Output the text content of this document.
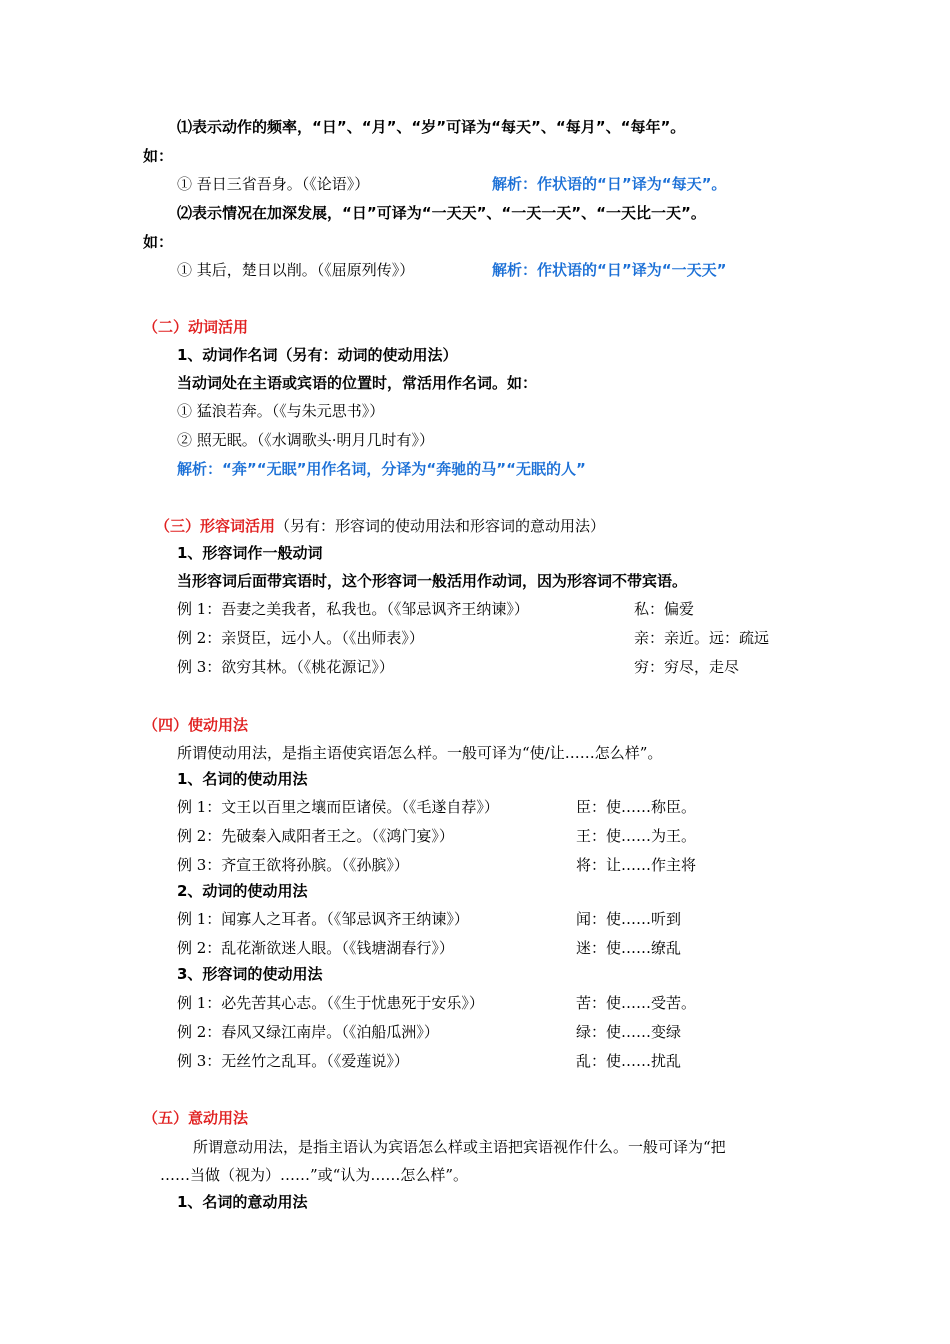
⑴表示动作的频率，“日”、“月”、“岁”可译为“每天”、“每月”、“每年”。
如：
① 吾日三省吾身。（《论语》）	解析：作状语的“日”译为“每天”。
⑵表示情况在加深发展，“日”可译为“一天天”、“一天一天”、“一天比一天”。
如：
① 其后，楚日以削。（《屈原列传》）	解析：作状语的“日”译为“一天天”
（二）动词活用
1、动词作名词（另有：动词的使动用法）
当动词处在主语或宾语的位置时，常活用作名词。如：
① 猛浪若奔。（《与朱元思书》）
② 照无眠。（《水调歌头·明月几时有》）
解析：“奔”“无眠”用作名词，分译为“奔驰的马”“无眠的人”
（三）形容词活用（另有：形容词的使动用法和形容词的意动用法）
1、形容词作一般动词
当形容词后面带宾语时，这个形容词一般活用作动词，因为形容词不带宾语。
例 1：吾妻之美我者，私我也。（《邹忌讽齐王纳谏》）	私：偏爱
例 2：亲贤臣，远小人。（《出师表》）	亲：亲近。远：疏远
例 3：欲穷其林。（《桃花源记》）	穷：穷尽，走尽
（四）使动用法
所谓使动用法，是指主语使宾语怎么样。一般可译为“使/让……怎么样”。
1、名词的使动用法
例 1：文王以百里之壤而臣诸侯。（《毛遂自荐》）	臣：使……称臣。
例 2：先破秦入咸阳者王之。（《鸿门宴》）	王：使……为王。
例 3：齐宣王欲将孙膑。（《孙膑》）	将：让……作主将
2、动词的使动用法
例 1：闻寡人之耳者。（《邹忌讽齐王纳谏》）	闻：使……听到
例 2：乱花渐欲迷人眼。（《钱塘湖春行》）	迷：使……缭乱
3、形容词的使动用法
例 1：必先苦其心志。（《生于忧患死于安乐》）	苦：使……受苦。
例 2：春风又绿江南岸。（《泊船瓜洲》）	绿：使……变绿
例 3：无丝竹之乱耳。（《爱莲说》）	乱：使……扰乱
（五）意动用法
所谓意动用法，是指主语认为宾语怎么样或主语把宾语视作什么。一般可译为“把
……当做（视为）……”或“认为……怎么样”。
1、名词的意动用法
